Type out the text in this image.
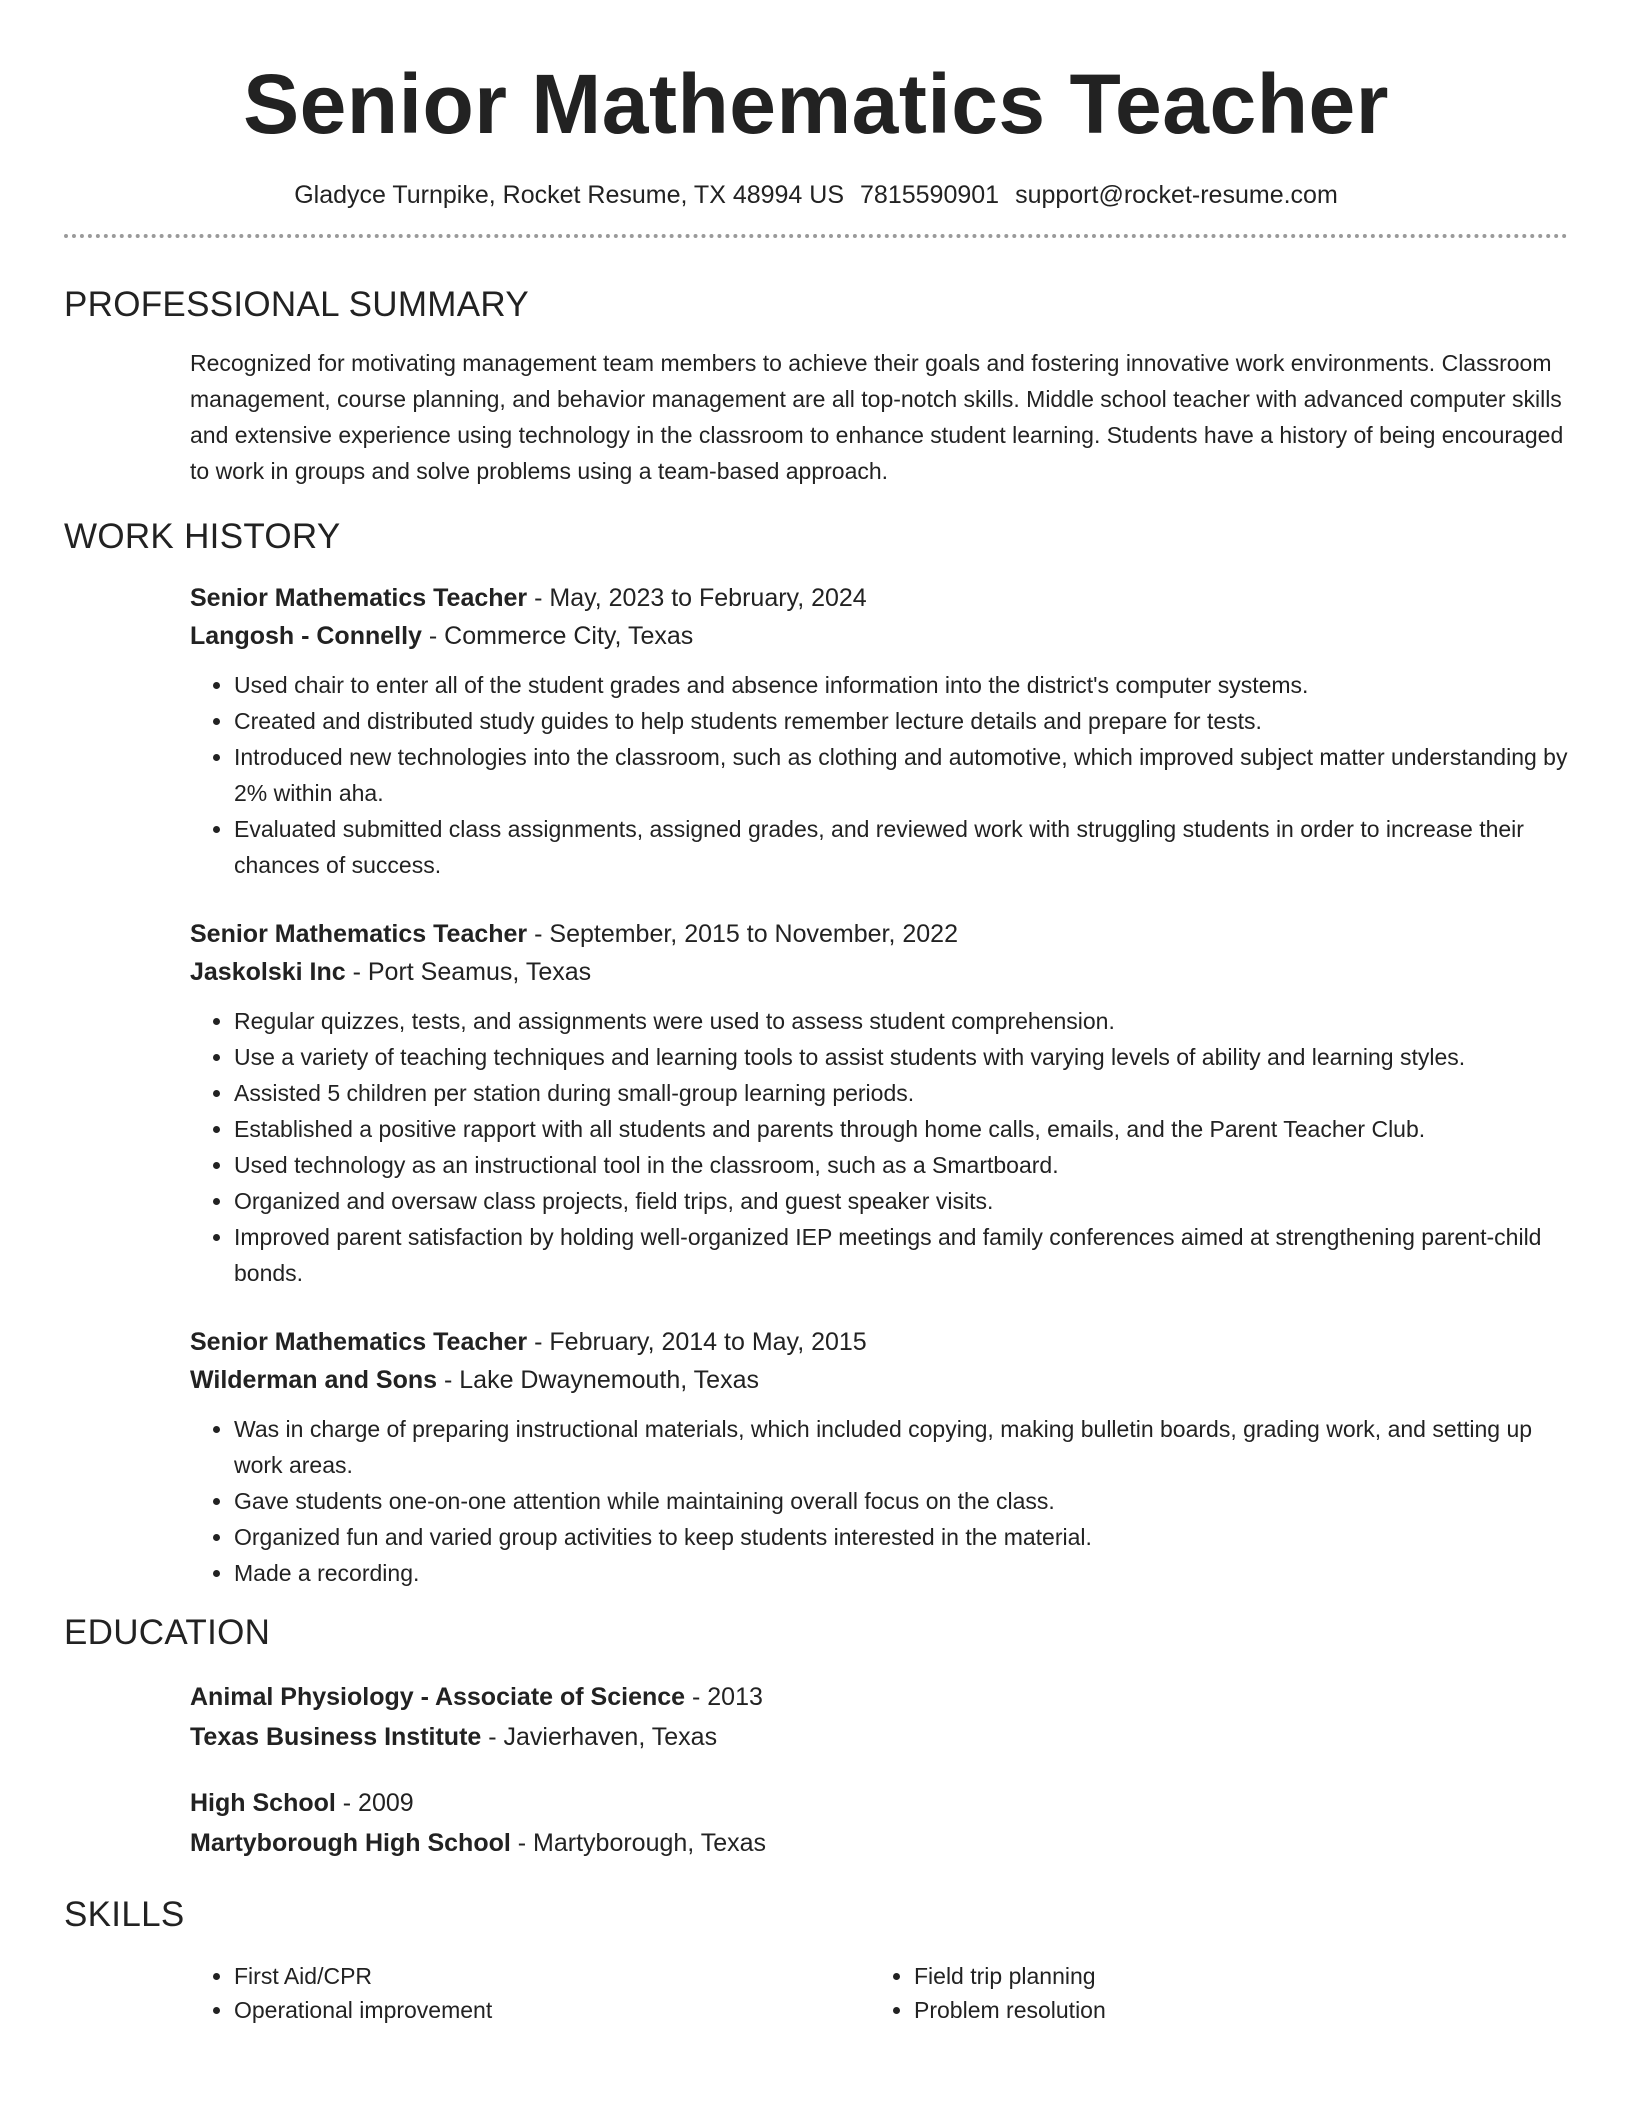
Senior Mathematics Teacher
Gladyce Turnpike, Rocket Resume, TX 48994 US 7815590901 support@rocket-resume.com
PROFESSIONAL SUMMARY

Recognized for motivating management team members to achieve their goals and fostering innovative work environments. Classroom management, course planning, and behavior management are all top-notch skills. Middle school teacher with advanced computer skills and extensive experience using technology in the classroom to enhance student learning. Students have a history of being encouraged to work in groups and solve problems using a team-based approach.

WORK HISTORY
Senior Mathematics Teacher - May, 2023 to February, 2024
Langosh - Connelly - Commerce City, Texas
• Used chair to enter all of the student grades and absence information into the district's computer systems.
• Created and distributed study guides to help students remember lecture details and prepare for tests.
• Introduced new technologies into the classroom, such as clothing and automotive, which improved subject matter understanding by 2% within aha.
• Evaluated submitted class assignments, assigned grades, and reviewed work with struggling students in order to increase their chances of success.
Senior Mathematics Teacher - September, 2015 to November, 2022
Jaskolski Inc - Port Seamus, Texas
• Regular quizzes, tests, and assignments were used to assess student comprehension.
• Use a variety of teaching techniques and learning tools to assist students with varying levels of ability and learning styles.
• Assisted 5 children per station during small-group learning periods.
• Established a positive rapport with all students and parents through home calls, emails, and the Parent Teacher Club.
• Used technology as an instructional tool in the classroom, such as a Smartboard.
• Organized and oversaw class projects, field trips, and guest speaker visits.
• Improved parent satisfaction by holding well-organized IEP meetings and family conferences aimed at strengthening parent-child bonds.
Senior Mathematics Teacher - February, 2014 to May, 2015
Wilderman and Sons - Lake Dwaynemouth, Texas
• Was in charge of preparing instructional materials, which included copying, making bulletin boards, grading work, and setting up work areas.
• Gave students one-on-one attention while maintaining overall focus on the class.
• Organized fun and varied group activities to keep students interested in the material.
• Made a recording.
EDUCATION
Animal Physiology - Associate of Science - 2013
Texas Business Institute - Javierhaven, Texas
High School - 2009
Martyborough High School - Martyborough, Texas
SKILLS
• First Aid/CPR
• Operational improvement
• Field trip planning
• Problem resolution
